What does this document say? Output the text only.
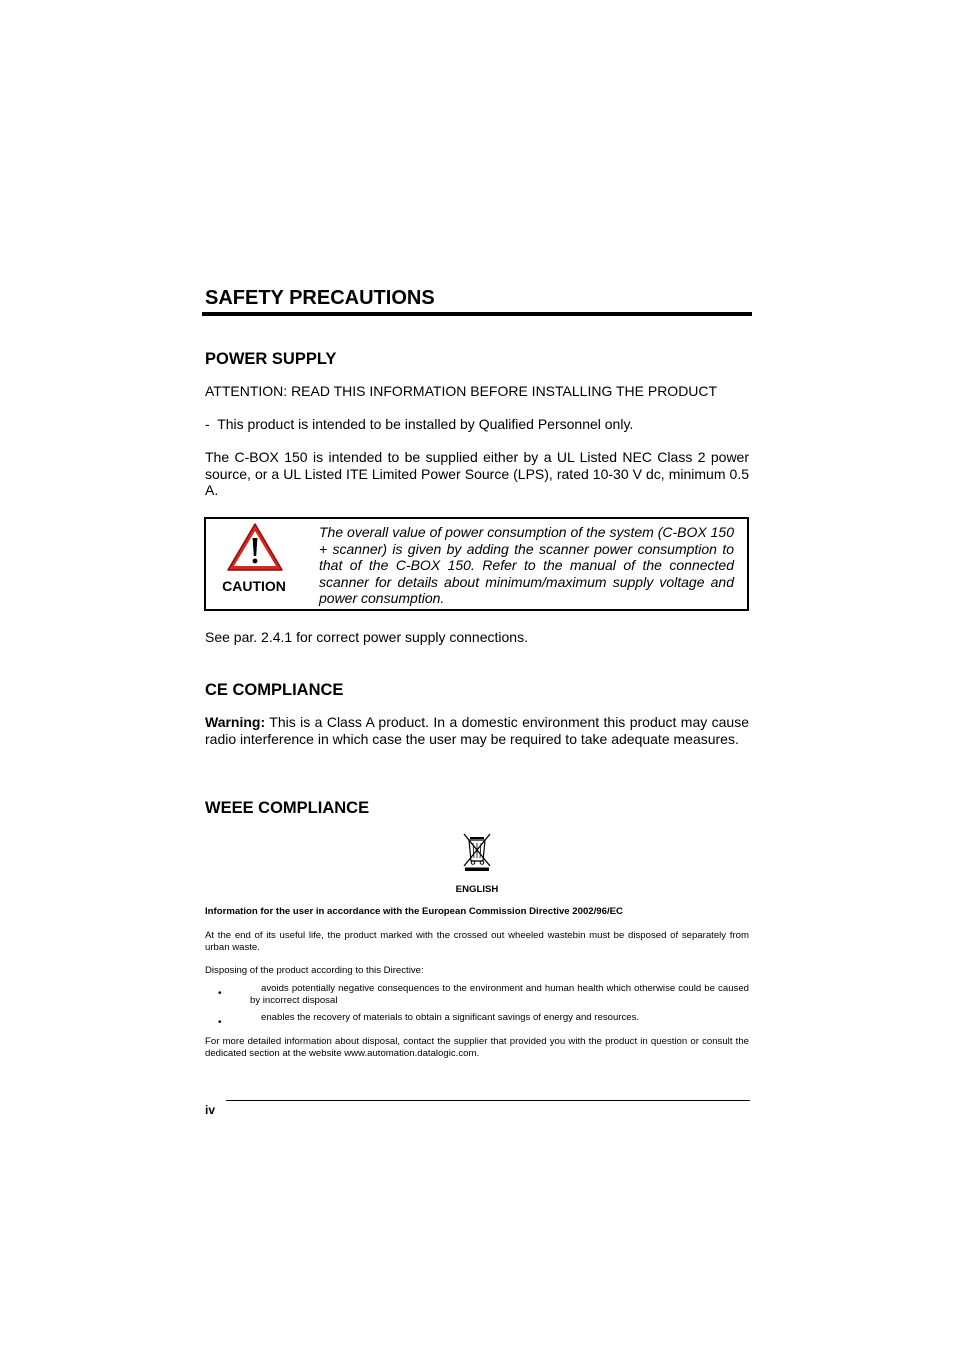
SAFETY PRECAUTIONS
POWER SUPPLY

ATTENTION: READ THIS INFORMATION BEFORE INSTALLING THE PRODUCT

- This product is intended to be installed by Qualified Personnel only.

The C-BOX 150 is intended to be supplied either by a UL Listed NEC Class 2 power source, or a UL Listed ITE Limited Power Source (LPS), rated 10-30 V dc, minimum 0.5 A.

CAUTION
The overall value of power consumption of the system (C-BOX 150 + scanner) is given by adding the scanner power consumption to that of the C-BOX 150. Refer to the manual of the connected scanner for details about minimum/maximum supply voltage and power consumption.

See par. 2.4.1 for correct power supply connections.

CE COMPLIANCE

Warning: This is a Class A product. In a domestic environment this product may cause radio interference in which case the user may be required to take adequate measures.

WEEE COMPLIANCE
ENGLISH

Information for the user in accordance with the European Commission Directive 2002/96/EC

At the end of its useful life, the product marked with the crossed out wheeled wastebin must be disposed of separately from urban waste.

Disposing of the product according to this Directive:

•	avoids potentially negative consequences to the environment and human health which otherwise could be caused by incorrect disposal

•	enables the recovery of materials to obtain a significant savings of energy and resources.

For more detailed information about disposal, contact the supplier that provided you with the product in question or consult the dedicated section at the website www.automation.datalogic.com.

iv
